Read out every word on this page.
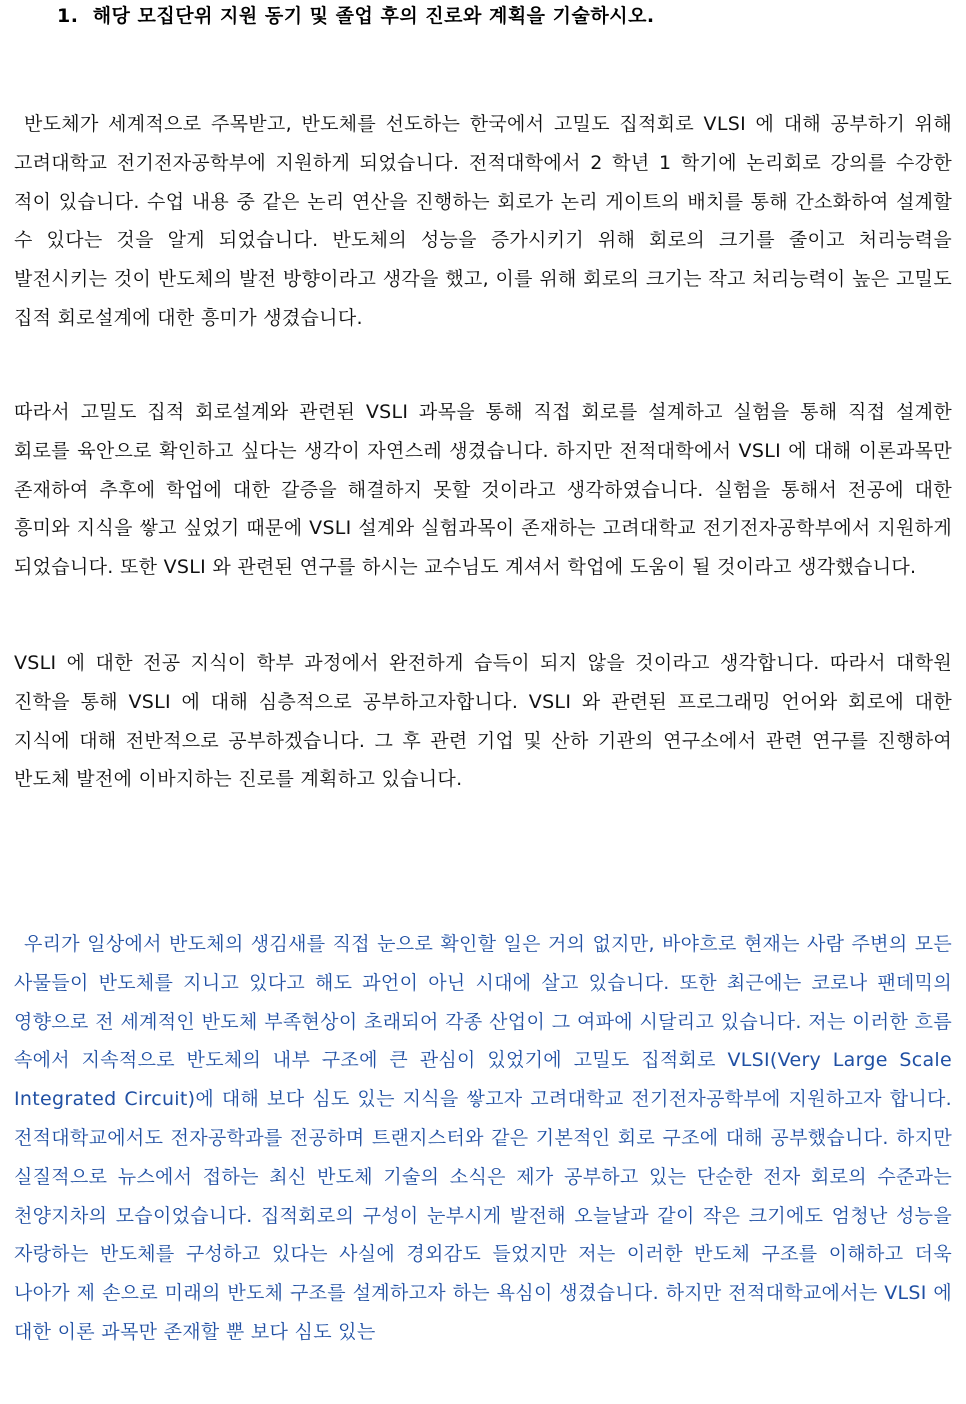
1. 해당 모집단위 지원 동기 및 졸업 후의 진로와 계획을 기술하시오.

반도체가 세계적으로 주목받고, 반도체를 선도하는 한국에서 고밀도 집적회로 VLSI 에 대해 공부하기 위해 고려대학교 전기전자공학부에 지원하게 되었습니다. 전적대학에서 2 학년 1 학기에 논리회로 강의를 수강한 적이 있습니다. 수업 내용 중 같은 논리 연산을 진행하는 회로가 논리 게이트의 배치를 통해 간소화하여 설계할 수 있다는 것을 알게 되었습니다. 반도체의 성능을 증가시키기 위해 회로의 크기를 줄이고 처리능력을 발전시키는 것이 반도체의 발전 방향이라고 생각을 했고, 이를 위해 회로의 크기는 작고 처리능력이 높은 고밀도 집적 회로설계에 대한 흥미가 생겼습니다.

따라서 고밀도 집적 회로설계와 관련된 VSLI 과목을 통해 직접 회로를 설계하고 실험을 통해 직접 설계한 회로를 육안으로 확인하고 싶다는 생각이 자연스레 생겼습니다. 하지만 전적대학에서 VSLI 에 대해 이론과목만 존재하여 추후에 학업에 대한 갈증을 해결하지 못할 것이라고 생각하였습니다. 실험을 통해서 전공에 대한 흥미와 지식을 쌓고 싶었기 때문에 VSLI 설계와 실험과목이 존재하는 고려대학교 전기전자공학부에서 지원하게 되었습니다. 또한 VSLI 와 관련된 연구를 하시는 교수님도 계셔서 학업에 도움이 될 것이라고 생각했습니다.

VSLI 에 대한 전공 지식이 학부 과정에서 완전하게 습득이 되지 않을 것이라고 생각합니다. 따라서 대학원 진학을 통해 VSLI 에 대해 심층적으로 공부하고자합니다. VSLI 와 관련된 프로그래밍 언어와 회로에 대한 지식에 대해 전반적으로 공부하겠습니다. 그 후 관련 기업 및 산하 기관의 연구소에서 관련 연구를 진행하여 반도체 발전에 이바지하는 진로를 계획하고 있습니다.

우리가 일상에서 반도체의 생김새를 직접 눈으로 확인할 일은 거의 없지만, 바야흐로 현재는 사람 주변의 모든 사물들이 반도체를 지니고 있다고 해도 과언이 아닌 시대에 살고 있습니다. 또한 최근에는 코로나 팬데믹의 영향으로 전 세계적인 반도체 부족현상이 초래되어 각종 산업이 그 여파에 시달리고 있습니다. 저는 이러한 흐름 속에서 지속적으로 반도체의 내부 구조에 큰 관심이 있었기에 고밀도 집적회로 VLSI(Very Large Scale Integrated Circuit)에 대해 보다 심도 있는 지식을 쌓고자 고려대학교 전기전자공학부에 지원하고자 합니다. 전적대학교에서도 전자공학과를 전공하며 트랜지스터와 같은 기본적인 회로 구조에 대해 공부했습니다. 하지만 실질적으로 뉴스에서 접하는 최신 반도체 기술의 소식은 제가 공부하고 있는 단순한 전자 회로의 수준과는 천양지차의 모습이었습니다. 집적회로의 구성이 눈부시게 발전해 오늘날과 같이 작은 크기에도 엄청난 성능을 자랑하는 반도체를 구성하고 있다는 사실에 경외감도 들었지만 저는 이러한 반도체 구조를 이해하고 더욱 나아가 제 손으로 미래의 반도체 구조를 설계하고자 하는 욕심이 생겼습니다. 하지만 전적대학교에서는 VLSI 에 대한 이론 과목만 존재할 뿐 보다 심도 있는
